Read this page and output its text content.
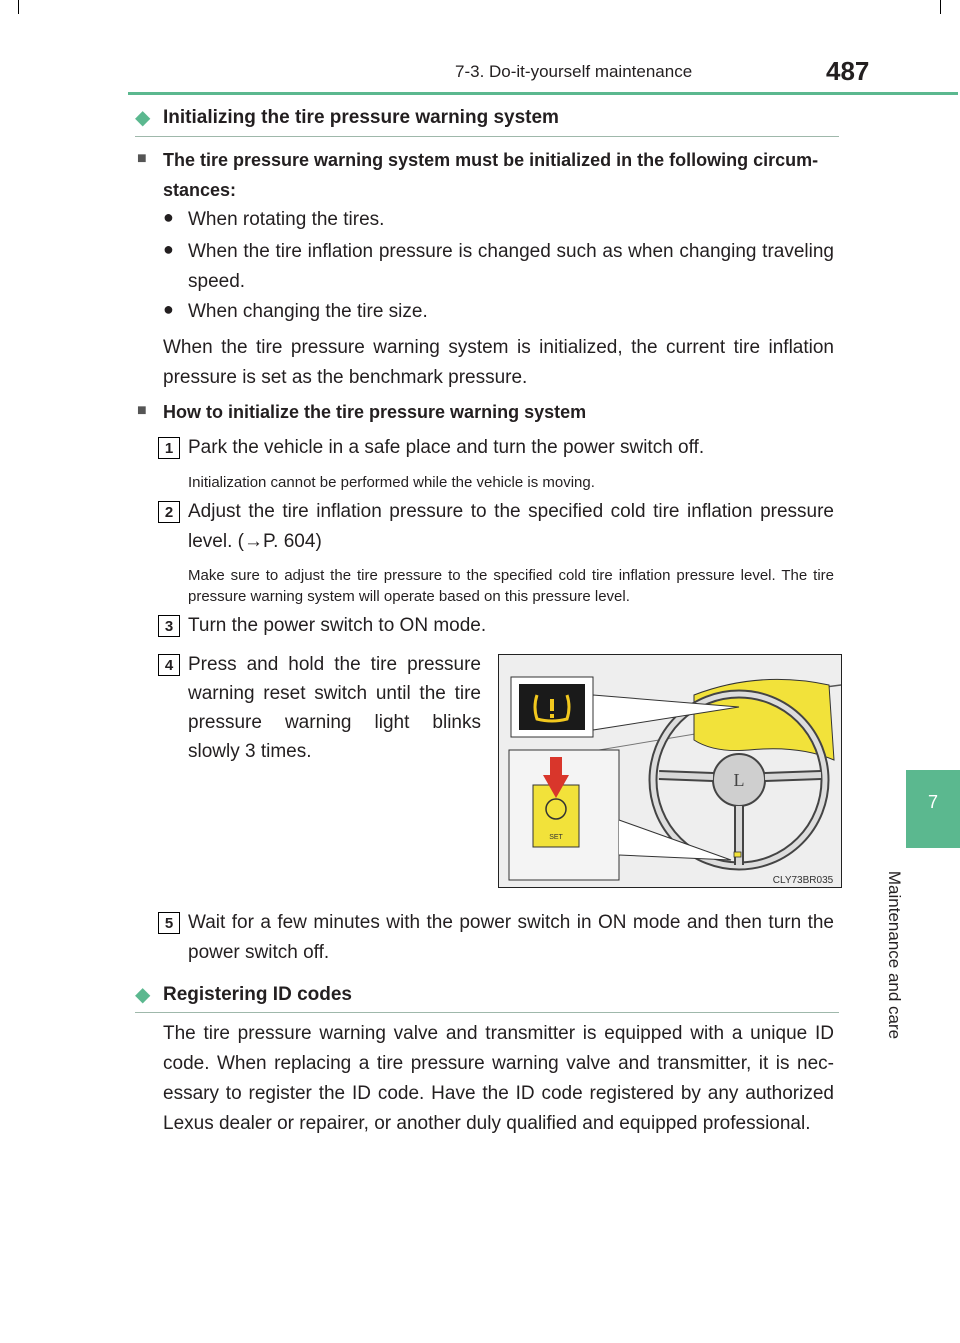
7-3. Do-it-yourself maintenance	487
7
Maintenance and care
◆ Initializing the tire pressure warning system
■ The tire pressure warning system must be initialized in the following circum-
stances:
● When rotating the tires.
● When the tire inflation pressure is changed such as when changing traveling speed.
● When changing the tire size.
When the tire pressure warning system is initialized, the current tire inflation pressure is set as the benchmark pressure.
■ How to initialize the tire pressure warning system
1 Park the vehicle in a safe place and turn the power switch off.
Initialization cannot be performed while the vehicle is moving.
2 Adjust the tire inflation pressure to the specified cold tire inflation pressure level. (→P. 604)
Make sure to adjust the tire pressure to the specified cold tire inflation pressure level. The tire pressure warning system will operate based on this pressure level.
3 Turn the power switch to ON mode.
4 Press and hold the tire pressure warning reset switch until the tire pressure warning light blinks slowly 3 times.
L
SET
CLY73BR035
5 Wait for a few minutes with the power switch in ON mode and then turn the power switch off.
◆ Registering ID codes
The tire pressure warning valve and transmitter is equipped with a unique ID code. When replacing a tire pressure warning valve and transmitter, it is nec-essary to register the ID code. Have the ID code registered by any authorized Lexus dealer or repairer, or another duly qualified and equipped professional.
